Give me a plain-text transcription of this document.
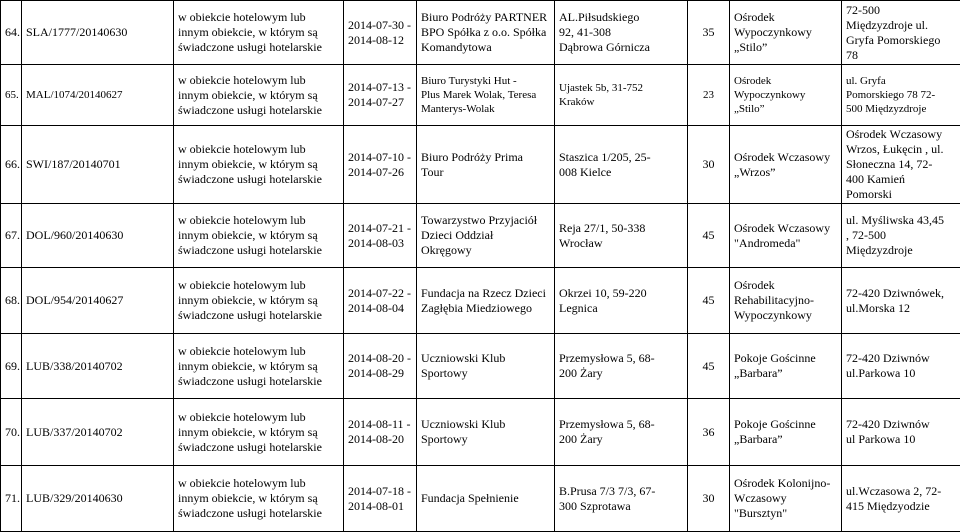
64.	SLA/1777/20140630	w obiekcie hotelowym lub
innym obiekcie, w którym są
świadczone usługi hotelarskie	2014-07-30 -
2014-08-12	Biuro Podróży PARTNER
BPO Spółka z o.o. Spółka
Komandytowa	AL.Piłsudskiego
92, 41-308
Dąbrowa Górnicza	35	Ośrodek
Wypoczynkowy
„Stilo”	72-500
Międzyzdroje ul.
Gryfa Pomorskiego
78

65.	MAL/1074/20140627	w obiekcie hotelowym lub
innym obiekcie, w którym są
świadczone usługi hotelarskie	2014-07-13 -
2014-07-27	Biuro Turystyki Hut -
Plus Marek Wolak, Teresa
Manterys-Wolak	Ujastek 5b, 31-752
Kraków	23	Ośrodek
Wypoczynkowy
„Stilo”	ul. Gryfa
Pomorskiego 78 72-
500 Międzyzdroje

66.	SWI/187/20140701	w obiekcie hotelowym lub
innym obiekcie, w którym są
świadczone usługi hotelarskie	2014-07-10 -
2014-07-26	Biuro Podróży Prima
Tour	Staszica 1/205, 25-
008 Kielce	30	Ośrodek Wczasowy
„Wrzos”	Ośrodek Wczasowy
Wrzos, Łukęcin , ul.
Słoneczna 14, 72-
400 Kamień
Pomorski

67.	DOL/960/20140630	w obiekcie hotelowym lub
innym obiekcie, w którym są
świadczone usługi hotelarskie	2014-07-21 -
2014-08-03	Towarzystwo Przyjaciół
Dzieci Oddział
Okręgowy	Reja 27/1, 50-338
Wrocław	45	Ośrodek Wczasowy
"Andromeda"	ul. Myśliwska 43,45
, 72-500
Międzyzdroje

68.	DOL/954/20140627	w obiekcie hotelowym lub
innym obiekcie, w którym są
świadczone usługi hotelarskie	2014-07-22 -
2014-08-04	Fundacja na Rzecz Dzieci
Zagłębia Miedziowego	Okrzei 10, 59-220
Legnica	45	Ośrodek
Rehabilitacyjno-
Wypoczynkowy	72-420 Dziwnówek,
ul.Morska 12

69.	LUB/338/20140702	w obiekcie hotelowym lub
innym obiekcie, w którym są
świadczone usługi hotelarskie	2014-08-20 -
2014-08-29	Uczniowski Klub
Sportowy	Przemysłowa 5, 68-
200 Żary	45	Pokoje Gościnne
„Barbara”	72-420 Dziwnów
ul.Parkowa 10

70.	LUB/337/20140702	w obiekcie hotelowym lub
innym obiekcie, w którym są
świadczone usługi hotelarskie	2014-08-11 -
2014-08-20	Uczniowski Klub
Sportowy	Przemysłowa 5, 68-
200 Żary	36	Pokoje Gościnne
„Barbara”	72-420 Dziwnów
ul Parkowa 10

71.	LUB/329/20140630	w obiekcie hotelowym lub
innym obiekcie, w którym są
świadczone usługi hotelarskie	2014-07-18 -
2014-08-01	Fundacja Spełnienie	B.Prusa 7/3 7/3, 67-
300 Szprotawa	30	Ośrodek Kolonijno-
Wczasowy
"Bursztyn"	ul.Wczasowa 2, 72-
415 Międzyodzie
